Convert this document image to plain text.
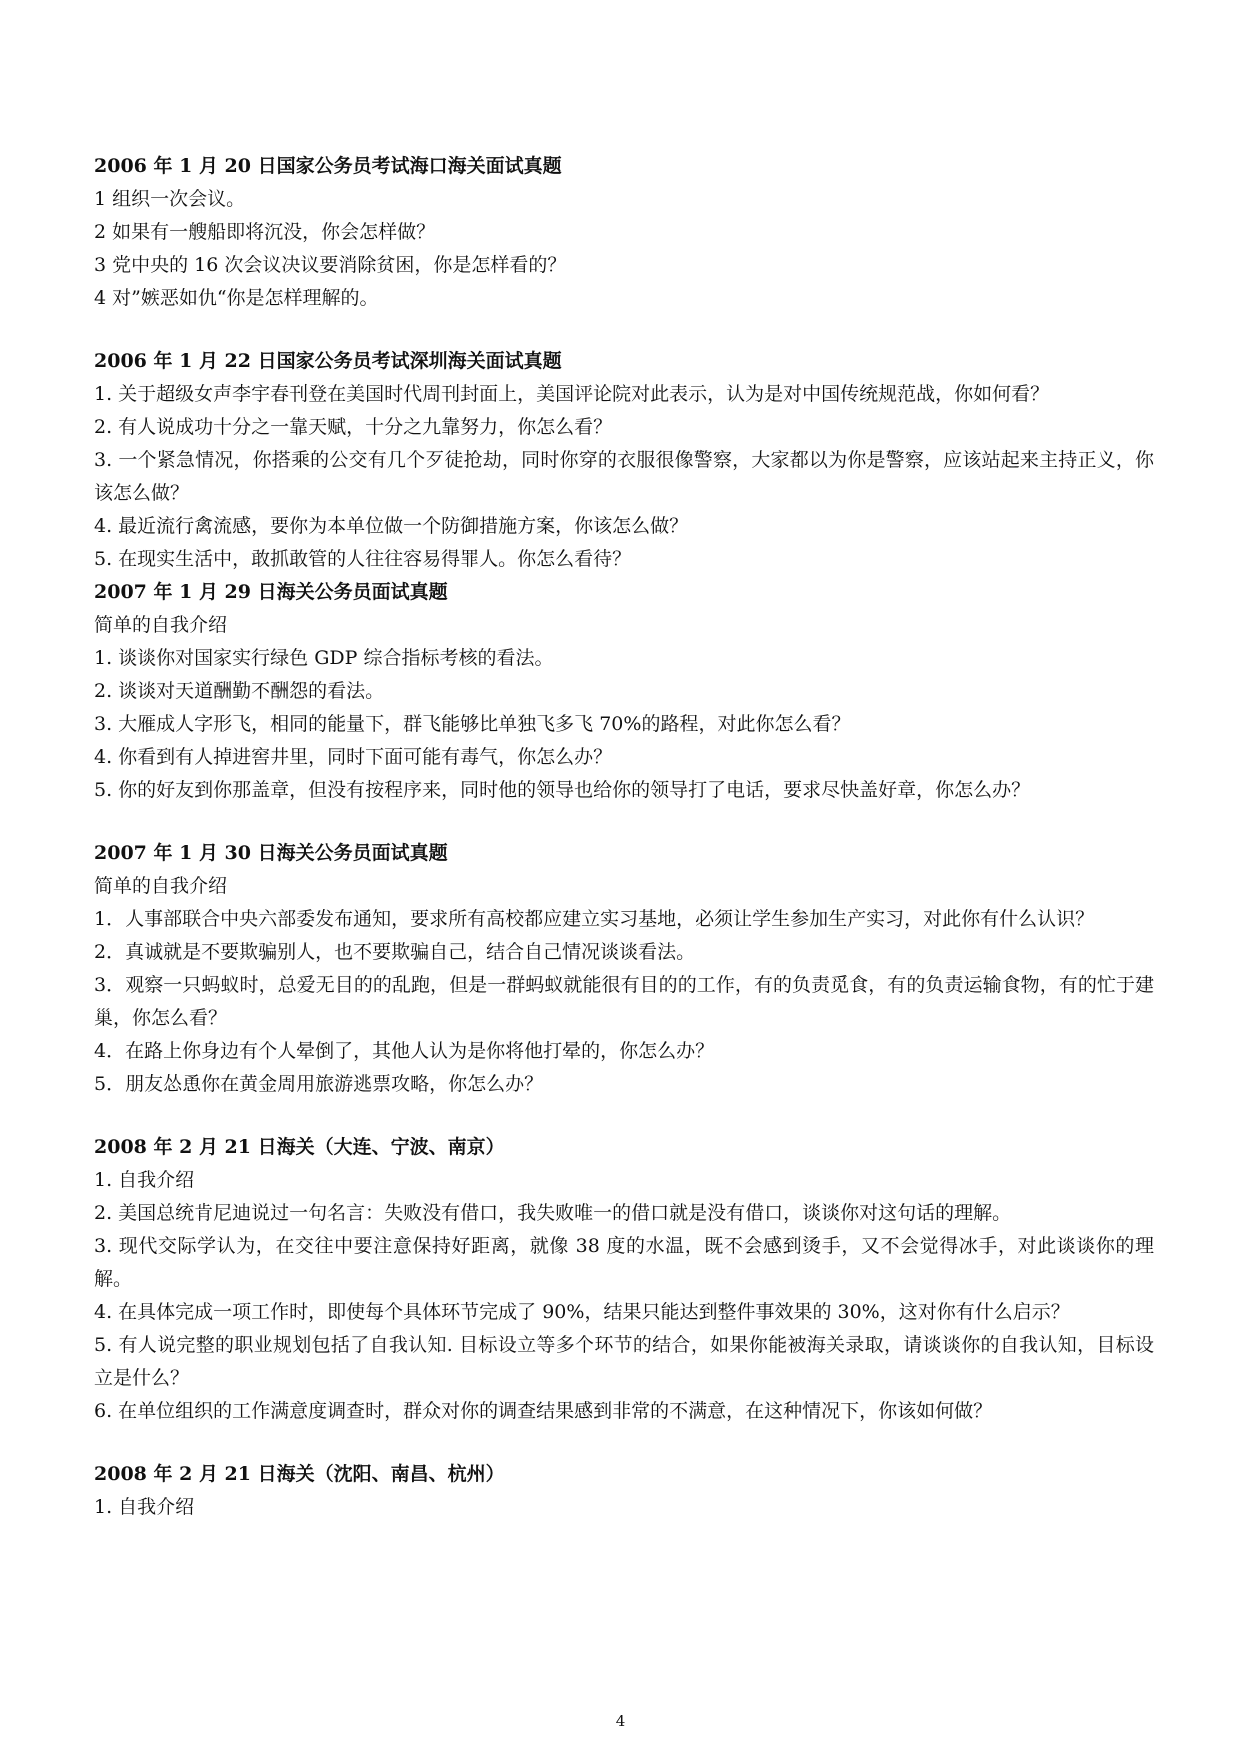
2006 年 1 月 20 日国家公务员考试海口海关面试真题
1 组织一次会议。
2 如果有一艘船即将沉没，你会怎样做？
3 党中央的 16 次会议决议要消除贫困，你是怎样看的？
4 对”嫉恶如仇“你是怎样理解的。
2006 年 1 月 22 日国家公务员考试深圳海关面试真题
1. 关于超级女声李宇春刊登在美国时代周刊封面上，美国评论院对此表示，认为是对中国传统规范战，你如何看？
2. 有人说成功十分之一靠天赋，十分之九靠努力，你怎么看？
3. 一个紧急情况，你搭乘的公交有几个歹徒抢劫，同时你穿的衣服很像警察，大家都以为你是警察，应该站起来主持正义，你该怎么做？
4. 最近流行禽流感，要你为本单位做一个防御措施方案，你该怎么做？
5. 在现实生活中，敢抓敢管的人往往容易得罪人。你怎么看待？
2007 年 1 月 29 日海关公务员面试真题
简单的自我介绍
1. 谈谈你对国家实行绿色 GDP 综合指标考核的看法。
2. 谈谈对天道酬勤不酬怨的看法。
3. 大雁成人字形飞，相同的能量下，群飞能够比单独飞多飞 70%的路程，对此你怎么看？
4. 你看到有人掉进窖井里，同时下面可能有毒气，你怎么办？
5. 你的好友到你那盖章，但没有按程序来，同时他的领导也给你的领导打了电话，要求尽快盖好章，你怎么办？
2007 年 1 月 30 日海关公务员面试真题
简单的自我介绍
1．人事部联合中央六部委发布通知，要求所有高校都应建立实习基地，必须让学生参加生产实习，对此你有什么认识？
2．真诚就是不要欺骗别人，也不要欺骗自己，结合自己情况谈谈看法。
3．观察一只蚂蚁时，总爱无目的的乱跑，但是一群蚂蚁就能很有目的的工作，有的负责觅食，有的负责运输食物，有的忙于建巢，你怎么看？
4．在路上你身边有个人晕倒了，其他人认为是你将他打晕的，你怎么办？
5．朋友怂恿你在黄金周用旅游逃票攻略，你怎么办？
2008 年 2 月 21 日海关（大连、宁波、南京）
1. 自我介绍
2. 美国总统肯尼迪说过一句名言：失败没有借口，我失败唯一的借口就是没有借口，谈谈你对这句话的理解。
3. 现代交际学认为，在交往中要注意保持好距离，就像 38 度的水温，既不会感到烫手，又不会觉得冰手，对此谈谈你的理解。
4. 在具体完成一项工作时，即使每个具体环节完成了 90%，结果只能达到整件事效果的 30%，这对你有什么启示？
5. 有人说完整的职业规划包括了自我认知. 目标设立等多个环节的结合，如果你能被海关录取，请谈谈你的自我认知，目标设立是什么？
6. 在单位组织的工作满意度调查时，群众对你的调查结果感到非常的不满意，在这种情况下，你该如何做？
2008 年 2 月 21 日海关（沈阳、南昌、杭州）
1. 自我介绍
4
